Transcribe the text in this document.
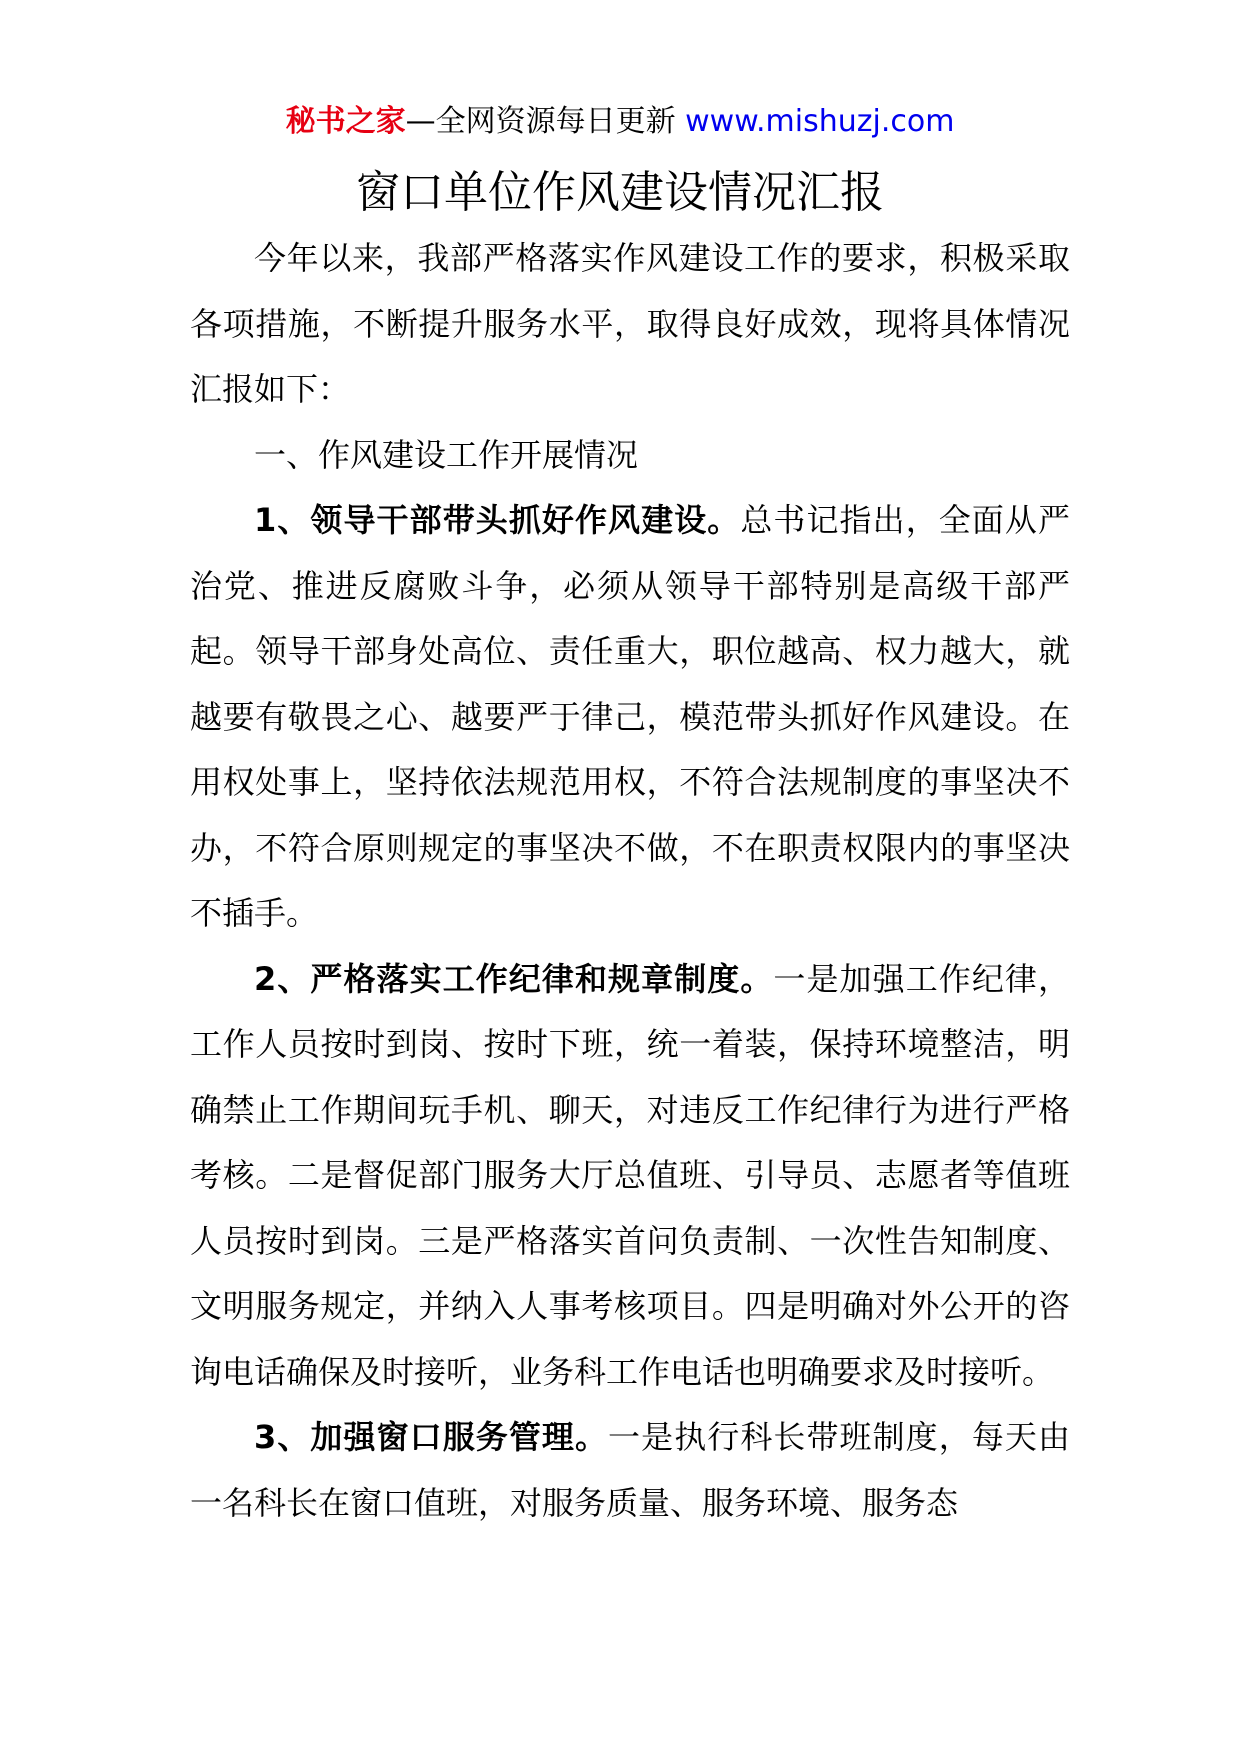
秘书之家—全网资源每日更新 www.mishuzj.com
窗口单位作风建设情况汇报

今年以来，我部严格落实作风建设工作的要求，积极采取各项措施，不断提升服务水平，取得良好成效，现将具体情况汇报如下：

一、作风建设工作开展情况

1、领导干部带头抓好作风建设。总书记指出，全面从严治党、推进反腐败斗争，必须从领导干部特别是高级干部严起。领导干部身处高位、责任重大，职位越高、权力越大，就越要有敬畏之心、越要严于律己，模范带头抓好作风建设。在用权处事上，坚持依法规范用权，不符合法规制度的事坚决不办，不符合原则规定的事坚决不做，不在职责权限内的事坚决不插手。

2、严格落实工作纪律和规章制度。一是加强工作纪律，工作人员按时到岗、按时下班，统一着装，保持环境整洁，明确禁止工作期间玩手机、聊天，对违反工作纪律行为进行严格考核。二是督促部门服务大厅总值班、引导员、志愿者等值班人员按时到岗。三是严格落实首问负责制、一次性告知制度、文明服务规定，并纳入人事考核项目。四是明确对外公开的咨询电话确保及时接听，业务科工作电话也明确要求及时接听。

3、加强窗口服务管理。一是执行科长带班制度，每天由一名科长在窗口值班，对服务质量、服务环境、服务态
